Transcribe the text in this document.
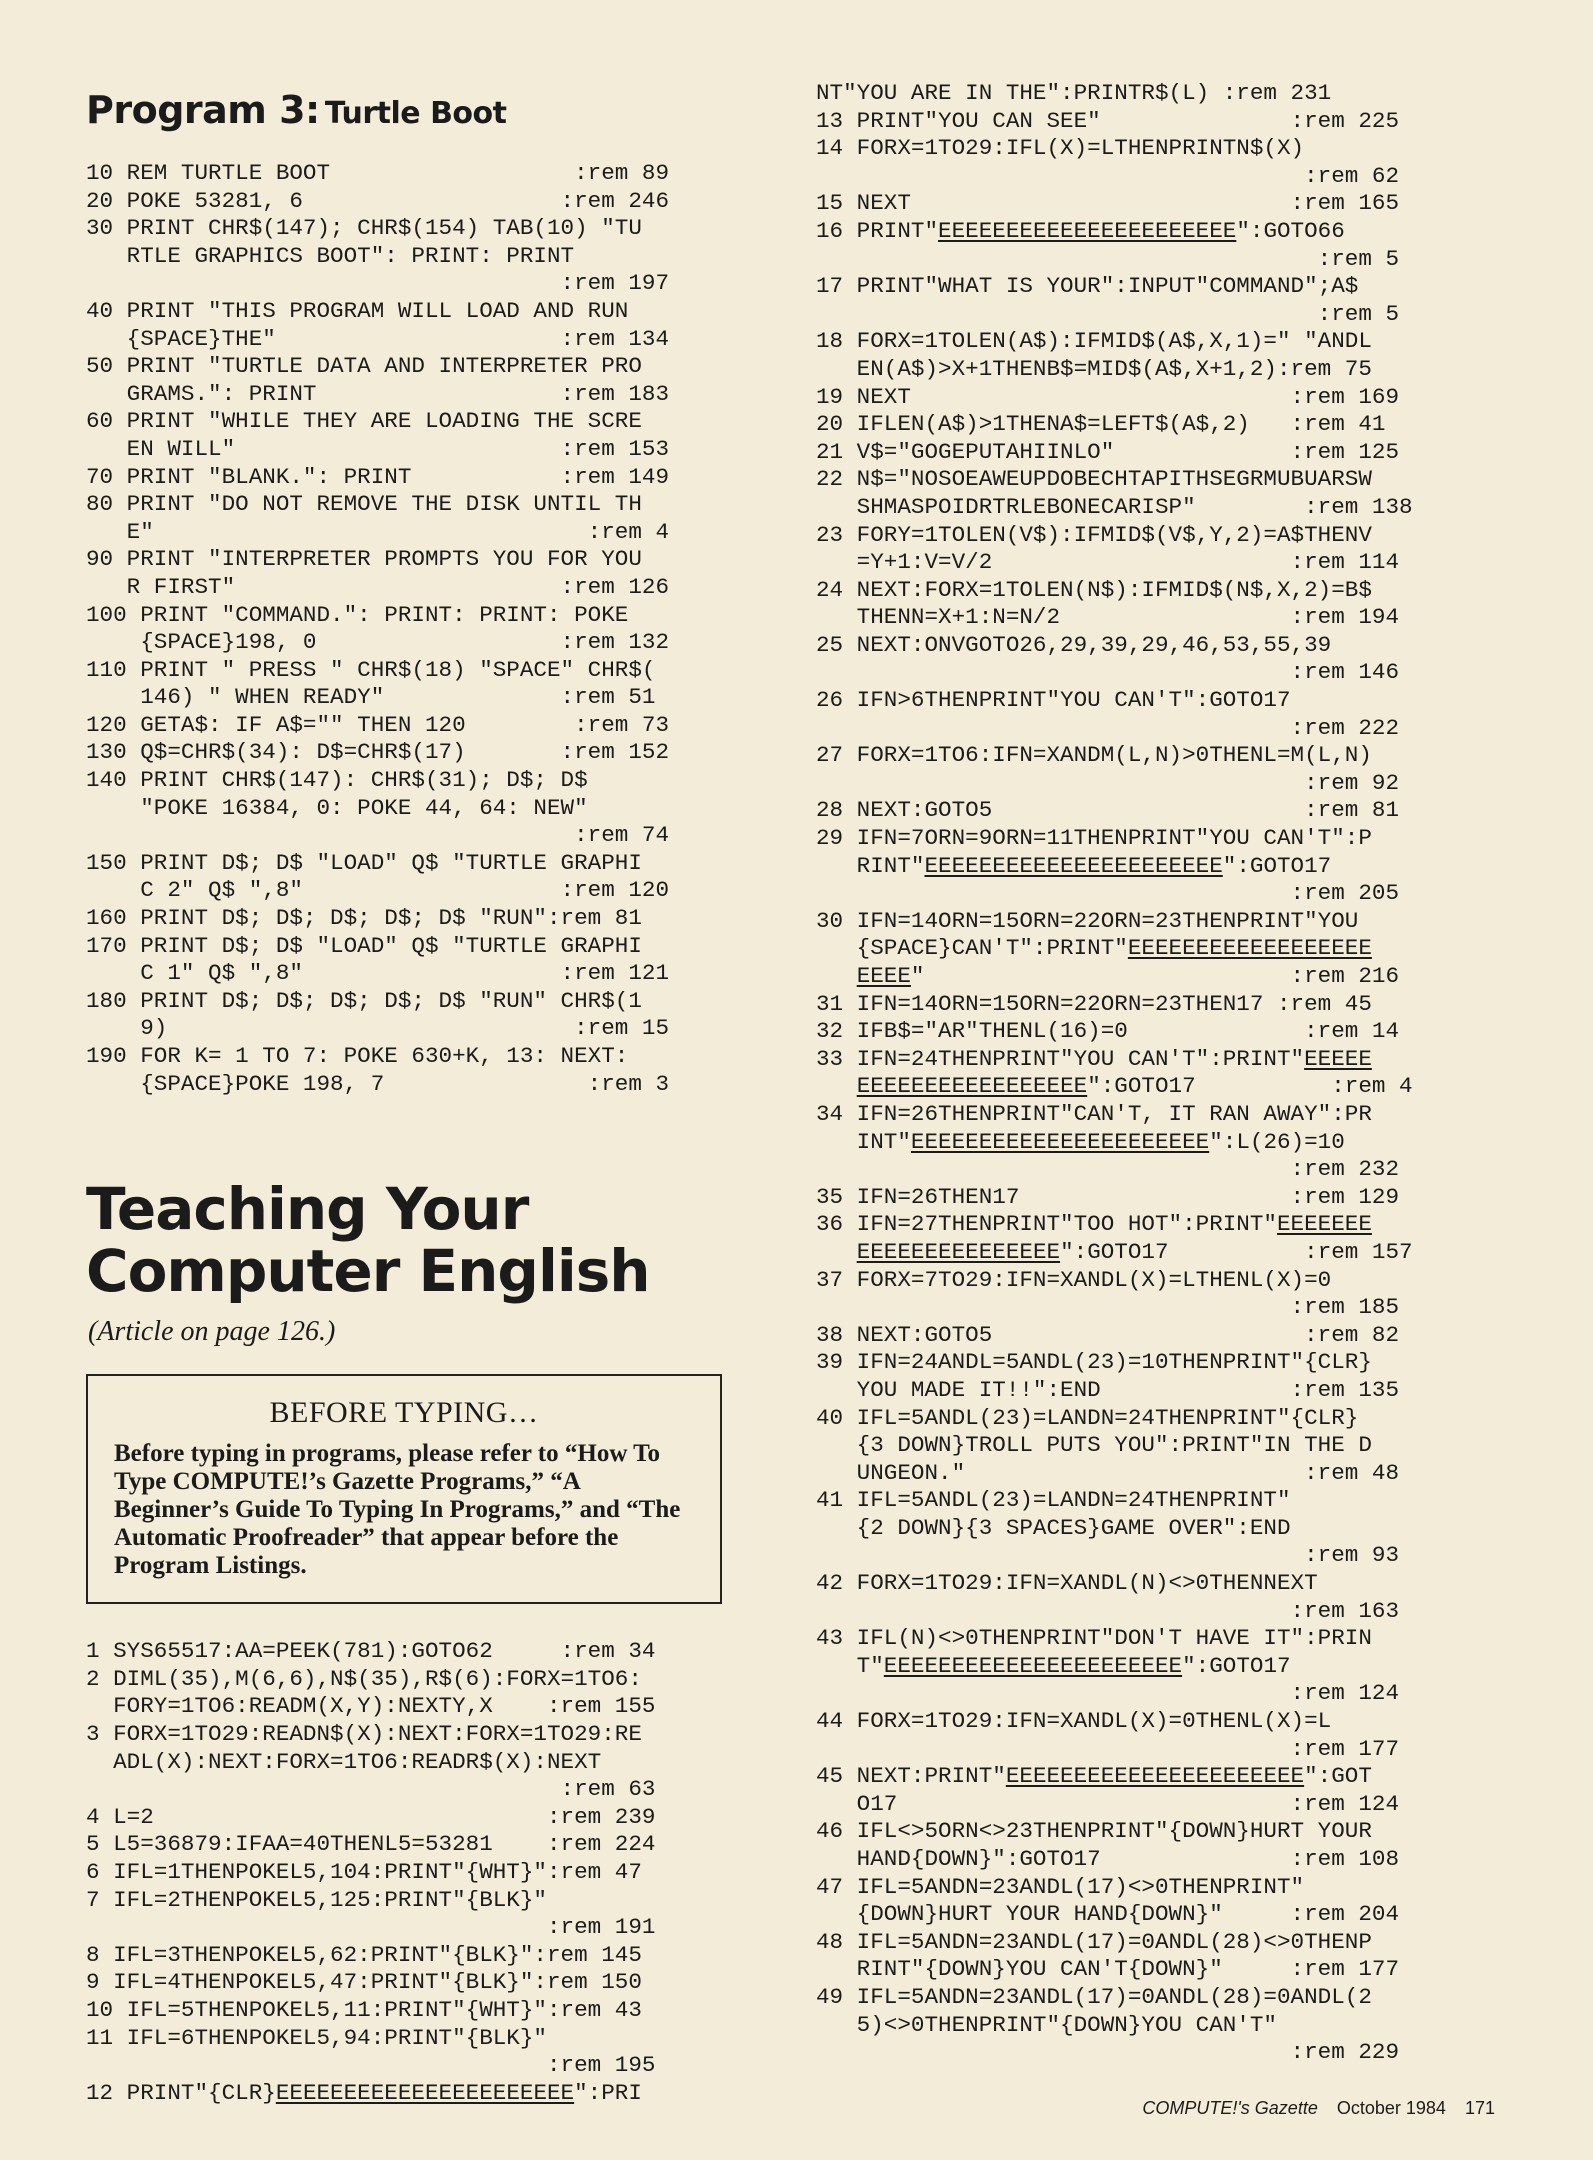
Program 3: Turtle Boot
10 REM TURTLE BOOT                  :rem 89
20 POKE 53281, 6                   :rem 246
30 PRINT CHR$(147); CHR$(154) TAB(10) "TU
RTLE GRAPHICS BOOT": PRINT: PRINT
:rem 197
40 PRINT "THIS PROGRAM WILL LOAD AND RUN
{SPACE}THE"                     :rem 134
50 PRINT "TURTLE DATA AND INTERPRETER PRO
GRAMS.": PRINT                  :rem 183
60 PRINT "WHILE THEY ARE LOADING THE SCRE
EN WILL"                        :rem 153
70 PRINT "BLANK.": PRINT           :rem 149
80 PRINT "DO NOT REMOVE THE DISK UNTIL TH
E"                                :rem 4
90 PRINT "INTERPRETER PROMPTS YOU FOR YOU
R FIRST"                        :rem 126
100 PRINT "COMMAND.": PRINT: PRINT: POKE
{SPACE}198, 0                  :rem 132
110 PRINT " PRESS " CHR$(18) "SPACE" CHR$(
146) " WHEN READY"             :rem 51
120 GETA$: IF A$="" THEN 120        :rem 73
130 Q$=CHR$(34): D$=CHR$(17)       :rem 152
140 PRINT CHR$(147): CHR$(31); D$; D$
"POKE 16384, 0: POKE 44, 64: NEW"
:rem 74
150 PRINT D$; D$ "LOAD" Q$ "TURTLE GRAPHI
C 2" Q$ ",8"                   :rem 120
160 PRINT D$; D$; D$; D$; D$ "RUN":rem 81
170 PRINT D$; D$ "LOAD" Q$ "TURTLE GRAPHI
C 1" Q$ ",8"                   :rem 121
180 PRINT D$; D$; D$; D$; D$ "RUN" CHR$(1
9)                              :rem 15
190 FOR K= 1 TO 7: POKE 630+K, 13: NEXT:
{SPACE}POKE 198, 7               :rem 3
Teaching Your
Computer English
(Article on page 126.)
BEFORE TYPING…

Before typing in programs, please refer to “How To Type COMPUTE!’s Gazette Programs,” “A Beginner’s Guide To Typing In Programs,” and “The Automatic Proofreader” that appear before the Program Listings.

1 SYS65517:AA=PEEK(781):GOTO62     :rem 34
2 DIML(35),M(6,6),N$(35),R$(6):FORX=1TO6:
FORY=1TO6:READM(X,Y):NEXTY,X    :rem 155
3 FORX=1TO29:READN$(X):NEXT:FORX=1TO29:RE
ADL(X):NEXT:FORX=1TO6:READR$(X):NEXT
:rem 63
4 L=2                             :rem 239
5 L5=36879:IFAA=40THENL5=53281    :rem 224
6 IFL=1THENPOKEL5,104:PRINT"{WHT}":rem 47
7 IFL=2THENPOKEL5,125:PRINT"{BLK}"
:rem 191
8 IFL=3THENPOKEL5,62:PRINT"{BLK}":rem 145
9 IFL=4THENPOKEL5,47:PRINT"{BLK}":rem 150
10 IFL=5THENPOKEL5,11:PRINT"{WHT}":rem 43
11 IFL=6THENPOKEL5,94:PRINT"{BLK}"
:rem 195
12 PRINT"{CLR}EEEEEEEEEEEEEEEEEEEEEE":PRI
NT"YOU ARE IN THE":PRINTR$(L) :rem 231
13 PRINT"YOU CAN SEE"              :rem 225
14 FORX=1TO29:IFL(X)=LTHENPRINTN$(X)
:rem 62
15 NEXT                            :rem 165
16 PRINT"EEEEEEEEEEEEEEEEEEEEEE":GOTO66
:rem 5
17 PRINT"WHAT IS YOUR":INPUT"COMMAND";A$
:rem 5
18 FORX=1TOLEN(A$):IFMID$(A$,X,1)=" "ANDL
EN(A$)>X+1THENB$=MID$(A$,X+1,2):rem 75
19 NEXT                            :rem 169
20 IFLEN(A$)>1THENA$=LEFT$(A$,2)   :rem 41
21 V$="GOGEPUTAHIINLO"             :rem 125
22 N$="NOSOEAWEUPDOBECHTAPITHSEGRMUBUARSW
SHMASPOIDRTRLEBONECARISP"        :rem 138
23 FORY=1TOLEN(V$):IFMID$(V$,Y,2)=A$THENV
=Y+1:V=V/2                      :rem 114
24 NEXT:FORX=1TOLEN(N$):IFMID$(N$,X,2)=B$
THENN=X+1:N=N/2                 :rem 194
25 NEXT:ONVGOTO26,29,39,29,46,53,55,39
:rem 146
26 IFN>6THENPRINT"YOU CAN'T":GOTO17
:rem 222
27 FORX=1TO6:IFN=XANDM(L,N)>0THENL=M(L,N)
:rem 92
28 NEXT:GOTO5                       :rem 81
29 IFN=7ORN=9ORN=11THENPRINT"YOU CAN'T":P
RINT"EEEEEEEEEEEEEEEEEEEEEE":GOTO17
:rem 205
30 IFN=14ORN=15ORN=22ORN=23THENPRINT"YOU
{SPACE}CAN'T":PRINT"EEEEEEEEEEEEEEEEEE
EEEE"                           :rem 216
31 IFN=14ORN=15ORN=22ORN=23THEN17 :rem 45
32 IFB$="AR"THENL(16)=0             :rem 14
33 IFN=24THENPRINT"YOU CAN'T":PRINT"EEEEE
EEEEEEEEEEEEEEEEE":GOTO17          :rem 4
34 IFN=26THENPRINT"CAN'T, IT RAN AWAY":PR
INT"EEEEEEEEEEEEEEEEEEEEEE":L(26)=10
:rem 232
35 IFN=26THEN17                    :rem 129
36 IFN=27THENPRINT"TOO HOT":PRINT"EEEEEEE
EEEEEEEEEEEEEEE":GOTO17          :rem 157
37 FORX=7TO29:IFN=XANDL(X)=LTHENL(X)=0
:rem 185
38 NEXT:GOTO5                       :rem 82
39 IFN=24ANDL=5ANDL(23)=10THENPRINT"{CLR}
YOU MADE IT!!":END              :rem 135
40 IFL=5ANDL(23)=LANDN=24THENPRINT"{CLR}
{3 DOWN}TROLL PUTS YOU":PRINT"IN THE D
UNGEON."                         :rem 48
41 IFL=5ANDL(23)=LANDN=24THENPRINT"
{2 DOWN}{3 SPACES}GAME OVER":END
:rem 93
42 FORX=1TO29:IFN=XANDL(N)<>0THENNEXT
:rem 163
43 IFL(N)<>0THENPRINT"DON'T HAVE IT":PRIN
T"EEEEEEEEEEEEEEEEEEEEEE":GOTO17
:rem 124
44 FORX=1TO29:IFN=XANDL(X)=0THENL(X)=L
:rem 177
45 NEXT:PRINT"EEEEEEEEEEEEEEEEEEEEEE":GOT
O17                             :rem 124
46 IFL<>5ORN<>23THENPRINT"{DOWN}HURT YOUR
HAND{DOWN}":GOTO17              :rem 108
47 IFL=5ANDN=23ANDL(17)<>0THENPRINT"
{DOWN}HURT YOUR HAND{DOWN}"     :rem 204
48 IFL=5ANDN=23ANDL(17)=0ANDL(28)<>0THENP
RINT"{DOWN}YOU CAN'T{DOWN}"     :rem 177
49 IFL=5ANDN=23ANDL(17)=0ANDL(28)=0ANDL(2
5)<>0THENPRINT"{DOWN}YOU CAN'T"
:rem 229
COMPUTE!'s Gazette October 1984 171
